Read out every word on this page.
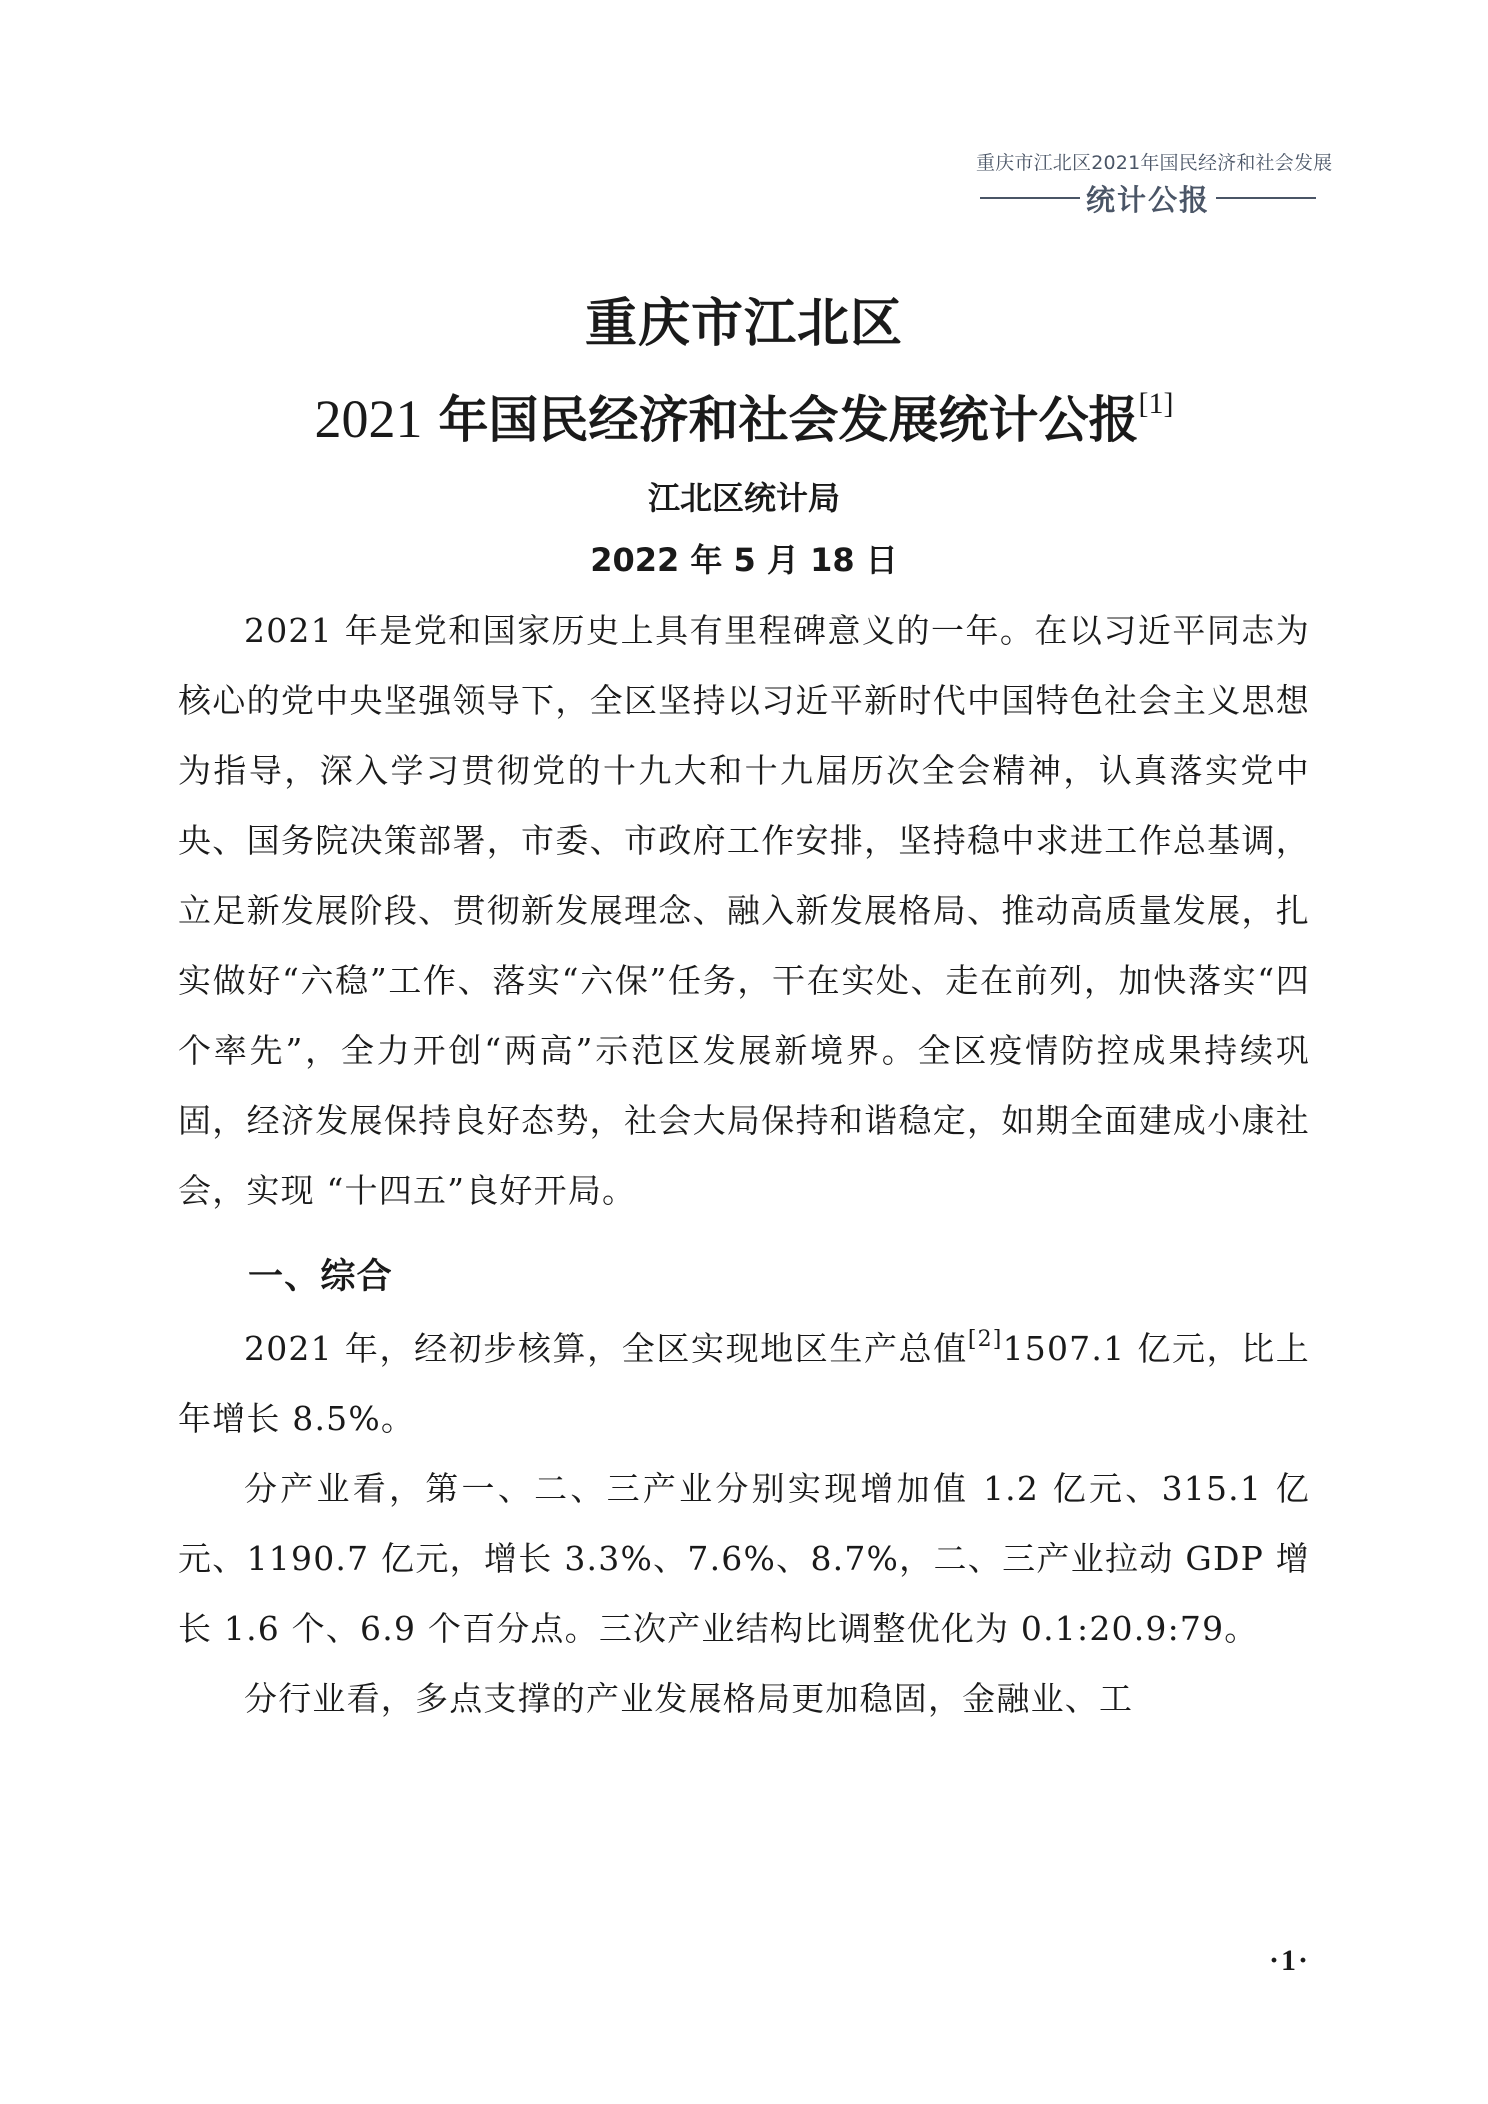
重庆市江北区2021年国民经济和社会发展
统计公报
重庆市江北区
2021 年国民经济和社会发展统计公报[1]
江北区统计局
2022 年 5 月 18 日

2021 年是党和国家历史上具有里程碑意义的一年。在以习近平同志为核心的党中央坚强领导下，全区坚持以习近平新时代中国特色社会主义思想为指导，深入学习贯彻党的十九大和十九届历次全会精神，认真落实党中央、国务院决策部署，市委、市政府工作安排，坚持稳中求进工作总基调，立足新发展阶段、贯彻新发展理念、融入新发展格局、推动高质量发展，扎实做好“六稳”工作、落实“六保”任务，干在实处、走在前列，加快落实“四个率先”，全力开创“两高”示范区发展新境界。全区疫情防控成果持续巩固，经济发展保持良好态势，社会大局保持和谐稳定，如期全面建成小康社会，实现 “十四五”良好开局。

一、综合

2021 年，经初步核算，全区实现地区生产总值[2]1507.1 亿元，比上年增长 8.5%。

分产业看，第一、二、三产业分别实现增加值 1.2 亿元、315.1 亿元、1190.7 亿元，增长 3.3%、7.6%、8.7%，二、三产业拉动 GDP 增长 1.6 个、6.9 个百分点。三次产业结构比调整优化为 0.1:20.9:79。

分行业看，多点支撑的产业发展格局更加稳固，金融业、工

·1·
